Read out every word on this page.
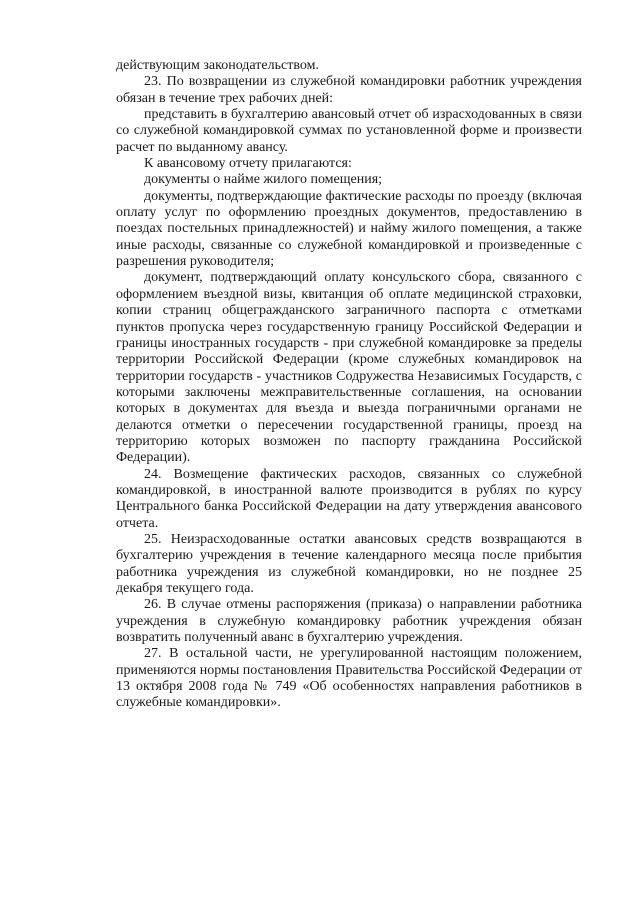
действующим законодательством.

23. По возвращении из служебной командировки работник учреждения обязан в течение трех рабочих дней:

представить в бухгалтерию авансовый отчет об израсходованных в связи со служебной командировкой суммах по установленной форме и произвести расчет по выданному авансу.

К авансовому отчету прилагаются:

документы о найме жилого помещения;

документы, подтверждающие фактические расходы по проезду (включая оплату услуг по оформлению проездных документов, предоставлению в поездах постельных принадлежностей) и найму жилого помещения, а также иные расходы, связанные со служебной командировкой и произведенные с разрешения руководителя;

документ, подтверждающий оплату консульского сбора, связанного с оформлением въездной визы, квитанция об оплате медицинской страховки, копии страниц общегражданского заграничного паспорта с отметками пунктов пропуска через государственную границу Российской Федерации и границы иностранных государств - при служебной командировке за пределы территории Российской Федерации (кроме служебных командировок на территории государств - участников Содружества Независимых Государств, с которыми заключены межправительственные соглашения, на основании которых в документах для въезда и выезда пограничными органами не делаются отметки о пересечении государственной границы, проезд на территорию которых возможен по паспорту гражданина Российской Федерации).

24. Возмещение фактических расходов, связанных со служебной командировкой, в иностранной валюте производится в рублях по курсу Центрального банка Российской Федерации на дату утверждения авансового отчета.

25. Неизрасходованные остатки авансовых средств возвращаются в бухгалтерию учреждения в течение календарного месяца после прибытия работника учреждения из служебной командировки, но не позднее 25 декабря текущего года.

26. В случае отмены распоряжения (приказа) о направлении работника учреждения в служебную командировку работник учреждения обязан возвратить полученный аванс в бухгалтерию учреждения.

27. В остальной части, не урегулированной настоящим положением, применяются нормы постановления Правительства Российской Федерации от 13 октября 2008 года № 749 «Об особенностях направления работников в служебные командировки».
